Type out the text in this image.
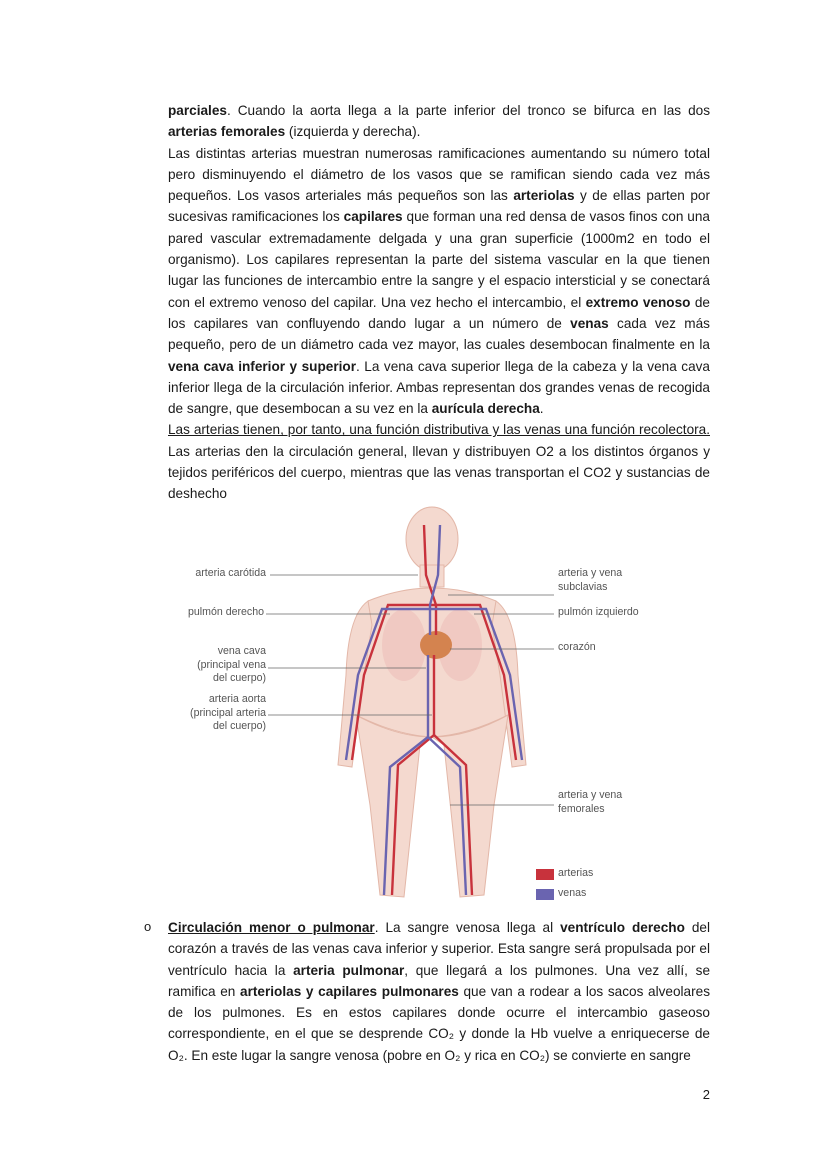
parciales. Cuando la aorta llega a la parte inferior del tronco se bifurca en las dos arterias femorales (izquierda y derecha).

Las distintas arterias muestran numerosas ramificaciones aumentando su número total pero disminuyendo el diámetro de los vasos que se ramifican siendo cada vez más pequeños. Los vasos arteriales más pequeños son las arteriolas y de ellas parten por sucesivas ramificaciones los capilares que forman una red densa de vasos finos con una pared vascular extremadamente delgada y una gran superficie (1000m2 en todo el organismo). Los capilares representan la parte del sistema vascular en la que tienen lugar las funciones de intercambio entre la sangre y el espacio intersticial y se conectará con el extremo venoso del capilar. Una vez hecho el intercambio, el extremo venoso de los capilares van confluyendo dando lugar a un número de venas cada vez más pequeño, pero de un diámetro cada vez mayor, las cuales desembocan finalmente en la vena cava inferior y superior. La vena cava superior llega de la cabeza y la vena cava inferior llega de la circulación inferior. Ambas representan dos grandes venas de recogida de sangre, que desembocan a su vez en la aurícula derecha.

Las arterias tienen, por tanto, una función distributiva y las venas una función recolectora. Las arterias den la circulación general, llevan y distribuyen O2 a los distintos órganos y tejidos periféricos del cuerpo, mientras que las venas transportan el CO2 y sustancias de deshecho

arteria carótida
pulmón derecho
vena cava
(principal vena
del cuerpo)
arteria aorta
(principal arteria
del cuerpo)
arteria y vena
subclavias
pulmón izquierdo
corazón
arteria y vena
femorales
arterias
venas
o Circulación menor o pulmonar. La sangre venosa llega al ventrículo derecho del corazón a través de las venas cava inferior y superior. Esta sangre será propulsada por el ventrículo hacia la arteria pulmonar, que llegará a los pulmones. Una vez allí, se ramifica en arteriolas y capilares pulmonares que van a rodear a los sacos alveolares de los pulmones. Es en estos capilares donde ocurre el intercambio gaseoso correspondiente, en el que se desprende CO₂ y donde la Hb vuelve a enriquecerse de O₂. En este lugar la sangre venosa (pobre en O₂ y rica en CO₂) se convierte en sangre

2
